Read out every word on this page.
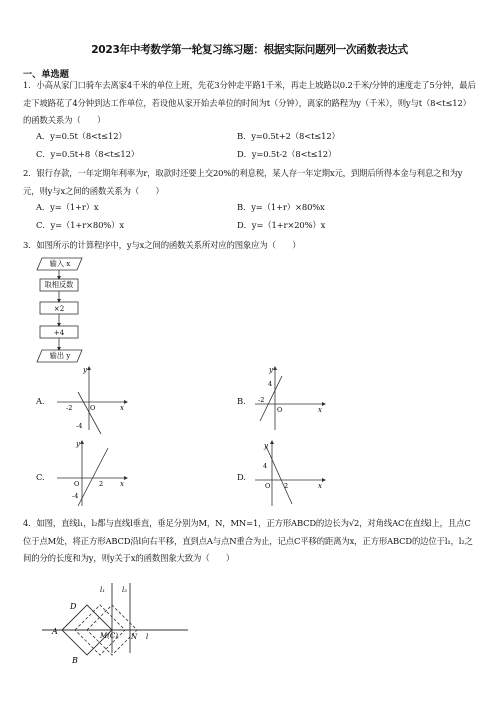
2023年中考数学第一轮复习练习题：根据实际问题列一次函数表达式
一、单选题
1．小高从家门口骑车去离家4千米的单位上班，先花3分钟走平路1千米，再走上坡路以0.2千米/分钟的速度走了5分钟，最后走下坡路花了4分钟到达工作单位，若设他从家开始去单位的时间为t（分钟），离家的路程为y（千米），则y与t（8<t≤12）的函数关系为（　　）
A．y=0.5t（8<t≤12）	B．y=0.5t+2（8<t≤12）
C．y=0.5t+8（8<t≤12）	D．y=0.5t-2（8<t≤12）
2．银行存款，一年定期年利率为r，取款时还要上交20%的利息税，某人存一年定期x元，到期后所得本金与利息之和为y元，则y与x之间的函数关系为（　　）
A．y=（1+r）x	B．y=（1+r）×80%x
C．y=（1+r×80%）x	D．y=（1+r×20%）x
3．如图所示的计算程序中，y与x之间的函数关系所对应的图象应为（　　）
输入 x
取相反数
×2
+4
输出 y
A.
x
y
O
-2
-4
B.
x
y
O
-2
4
C.
x
y
O	2
-4
D.
x
y
O 2
4
4．如图，直线l₁，l₂都与直线l垂直，垂足分别为M，N，MN=1，正方形ABCD的边长为√2，对角线AC在直线l上，且点C位于点M处，将正方形ABCD沿l向右平移，直到点A与点N重合为止，记点C平移的距离为x，正方形ABCD的边位于l₁，l₂之间的分的长度和为y，则y关于x的函数图象大致为（　　）
D
A
B
M(C) N l
l₁ l₂
